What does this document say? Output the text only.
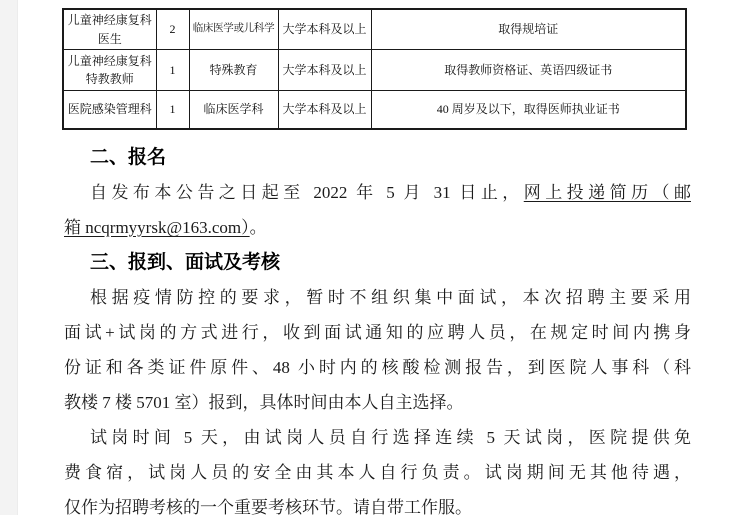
儿童神经康复科医生	2	临床医学或儿科学	大学本科及以上	取得规培证
儿童神经康复科特教教师	1	特殊教育	大学本科及以上	取得教师资格证、英语四级证书
医院感染管理科	1	临床医学科	大学本科及以上	40 周岁及以下，取得医师执业证书
二、报名
自发布本公告之日起至 2022 年 5 月 31 日止，网上投递简历（邮
箱 ncqrmyyrsk@163.com）。
三、报到、面试及考核
根据疫情防控的要求，暂时不组织集中面试，本次招聘主要采用
面试+试岗的方式进行，收到面试通知的应聘人员，在规定时间内携身
份证和各类证件原件、48 小时内的核酸检测报告，到医院人事科（科
教楼 7 楼 5701 室）报到，具体时间由本人自主选择。
试岗时间 5 天，由试岗人员自行选择连续 5 天试岗，医院提供免
费食宿，试岗人员的安全由其本人自行负责。试岗期间无其他待遇，
仅作为招聘考核的一个重要考核环节。请自带工作服。
